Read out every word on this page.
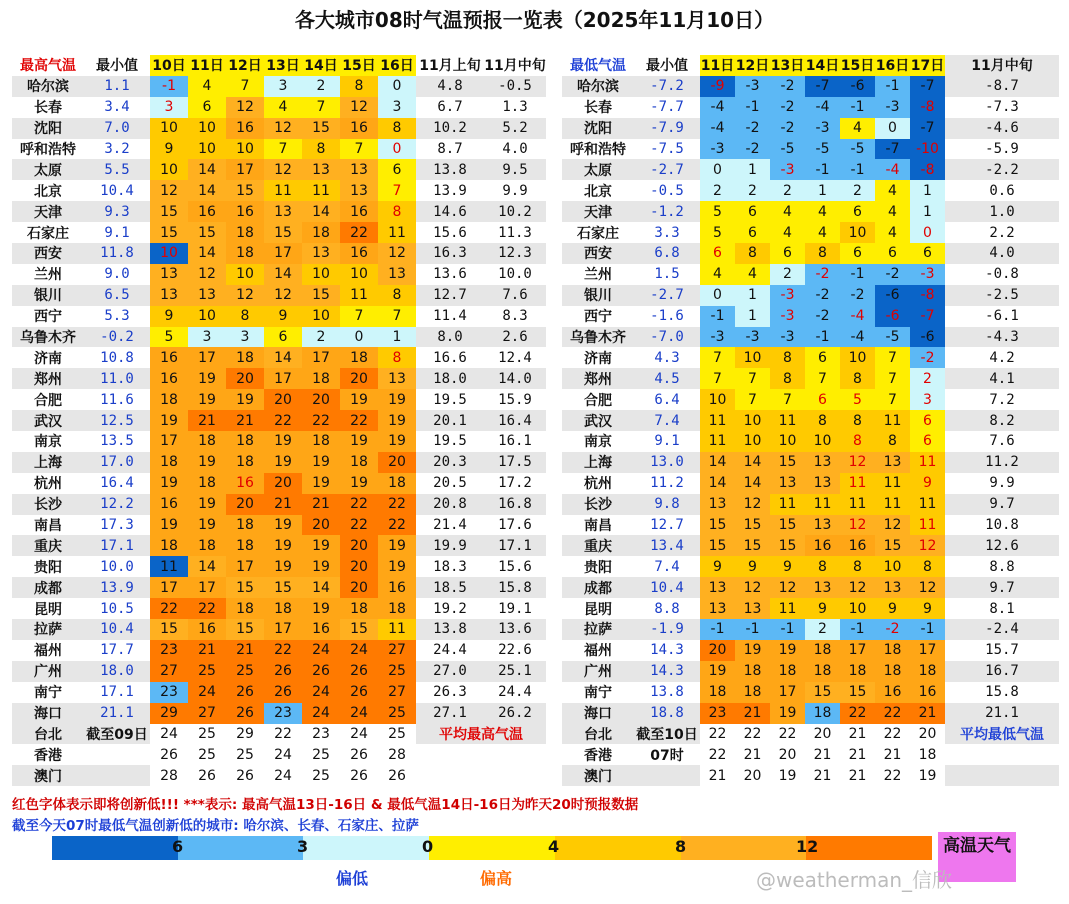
各大城市08时气温预报一览表（2025年11月10日）
最高气温	最小值	10日	11日	12日	13日	14日	15日	16日	11月上旬	11月中旬
哈尔滨	1.1	-1	4	7	3	2	8	0	4.8	-0.5
长春	3.4	3	6	12	4	7	12	3	6.7	1.3
沈阳	7.0	10	10	16	12	15	16	8	10.2	5.2
呼和浩特	3.2	9	10	10	7	8	7	0	8.7	4.0
太原	5.5	10	14	17	12	13	13	6	13.8	9.5
北京	10.4	12	14	15	11	11	13	7	13.9	9.9
天津	9.3	15	16	16	13	14	16	8	14.6	10.2
石家庄	9.1	15	15	18	15	18	22	11	15.6	11.3
西安	11.8	10	14	18	17	13	16	12	16.3	12.3
兰州	9.0	13	12	10	14	10	10	13	13.6	10.0
银川	6.5	13	13	12	12	15	11	8	12.7	7.6
西宁	5.3	9	10	8	9	10	7	7	11.4	8.3
乌鲁木齐	-0.2	5	3	3	6	2	0	1	8.0	2.6
济南	10.8	16	17	18	14	17	18	8	16.6	12.4
郑州	11.0	16	19	20	17	18	20	13	18.0	14.0
合肥	11.6	18	19	19	20	20	19	19	19.5	15.9
武汉	12.5	19	21	21	22	22	22	19	20.1	16.4
南京	13.5	17	18	18	19	18	19	19	19.5	16.1
上海	17.0	18	19	18	19	19	18	20	20.3	17.5
杭州	16.4	19	18	16	20	19	19	18	20.5	17.2
长沙	12.2	16	19	20	21	21	22	22	20.8	16.8
南昌	17.3	19	19	18	19	20	22	22	21.4	17.6
重庆	17.1	18	18	18	19	19	20	19	19.9	17.1
贵阳	10.0	11	14	17	19	19	20	19	18.3	15.6
成都	13.9	17	17	15	15	14	20	16	18.5	15.8
昆明	10.5	22	22	18	18	19	18	18	19.2	19.1
拉萨	10.4	15	16	15	17	16	15	11	13.8	13.6
福州	17.7	23	21	21	22	24	24	27	24.4	22.6
广州	18.0	27	25	25	26	26	26	25	27.0	25.1
南宁	17.1	23	24	26	26	24	26	27	26.3	24.4
海口	21.1	29	27	26	23	24	24	25	27.1	26.2
台北	截至09日	24	25	29	22	23	24	25	平均最高气温	
香港		26	25	25	24	25	26	28		
澳门		28	26	26	24	25	26	26		
最低气温	最小值	11日	12日	13日	14日	15日	16日	17日	11月中旬
哈尔滨	-7.2	-9	-3	-2	-7	-6	-1	-7	-8.7
长春	-7.7	-4	-1	-2	-4	-1	-3	-8	-7.3
沈阳	-7.9	-4	-2	-2	-3	4	0	-7	-4.6
呼和浩特	-7.5	-3	-2	-5	-5	-5	-7	-10	-5.9
太原	-2.7	0	1	-3	-1	-1	-4	-8	-2.2
北京	-0.5	2	2	2	1	2	4	1	0.6
天津	-1.2	5	6	4	4	6	4	1	1.0
石家庄	3.3	5	6	4	4	10	4	0	2.2
西安	6.8	6	8	6	8	6	6	6	4.0
兰州	1.5	4	4	2	-2	-1	-2	-3	-0.8
银川	-2.7	0	1	-3	-2	-2	-6	-8	-2.5
西宁	-1.6	-1	1	-3	-2	-4	-6	-7	-6.1
乌鲁木齐	-7.0	-3	-3	-3	-1	-4	-5	-6	-4.3
济南	4.3	7	10	8	6	10	7	-2	4.2
郑州	4.5	7	7	8	7	8	7	2	4.1
合肥	6.4	10	7	7	6	5	7	3	7.2
武汉	7.4	11	10	11	8	8	11	6	8.2
南京	9.1	11	10	10	10	8	8	6	7.6
上海	13.0	14	14	15	13	12	13	11	11.2
杭州	11.2	14	14	13	13	11	11	9	9.9
长沙	9.8	13	12	11	11	11	11	11	9.7
南昌	12.7	15	15	15	13	12	12	11	10.8
重庆	13.4	15	15	15	16	16	15	12	12.6
贵阳	7.4	9	9	9	8	8	10	8	8.8
成都	10.4	13	12	12	13	12	13	12	9.7
昆明	8.8	13	13	11	9	10	9	9	8.1
拉萨	-1.9	-1	-1	-1	2	-1	-2	-1	-2.4
福州	14.3	20	19	19	18	17	18	17	15.7
广州	14.3	19	18	18	18	18	18	18	16.7
南宁	13.8	18	18	17	15	15	16	16	15.8
海口	18.8	23	21	19	18	22	22	21	21.1
台北	截至10日	22	22	22	20	21	22	20	平均最低气温
香港	07时	22	21	20	21	21	21	18	
澳门		21	20	19	21	21	22	19	
红色字体表示即将创新低!!! ***表示: 最高气温13日-16日 & 最低气温14日-16日为昨天20时预报数据
截至今天07时最低气温创新低的城市: 哈尔滨、长春、石家庄、拉萨
6	3	0	4	8	12	高温天气
偏低	偏高	@weatherman_信欣
